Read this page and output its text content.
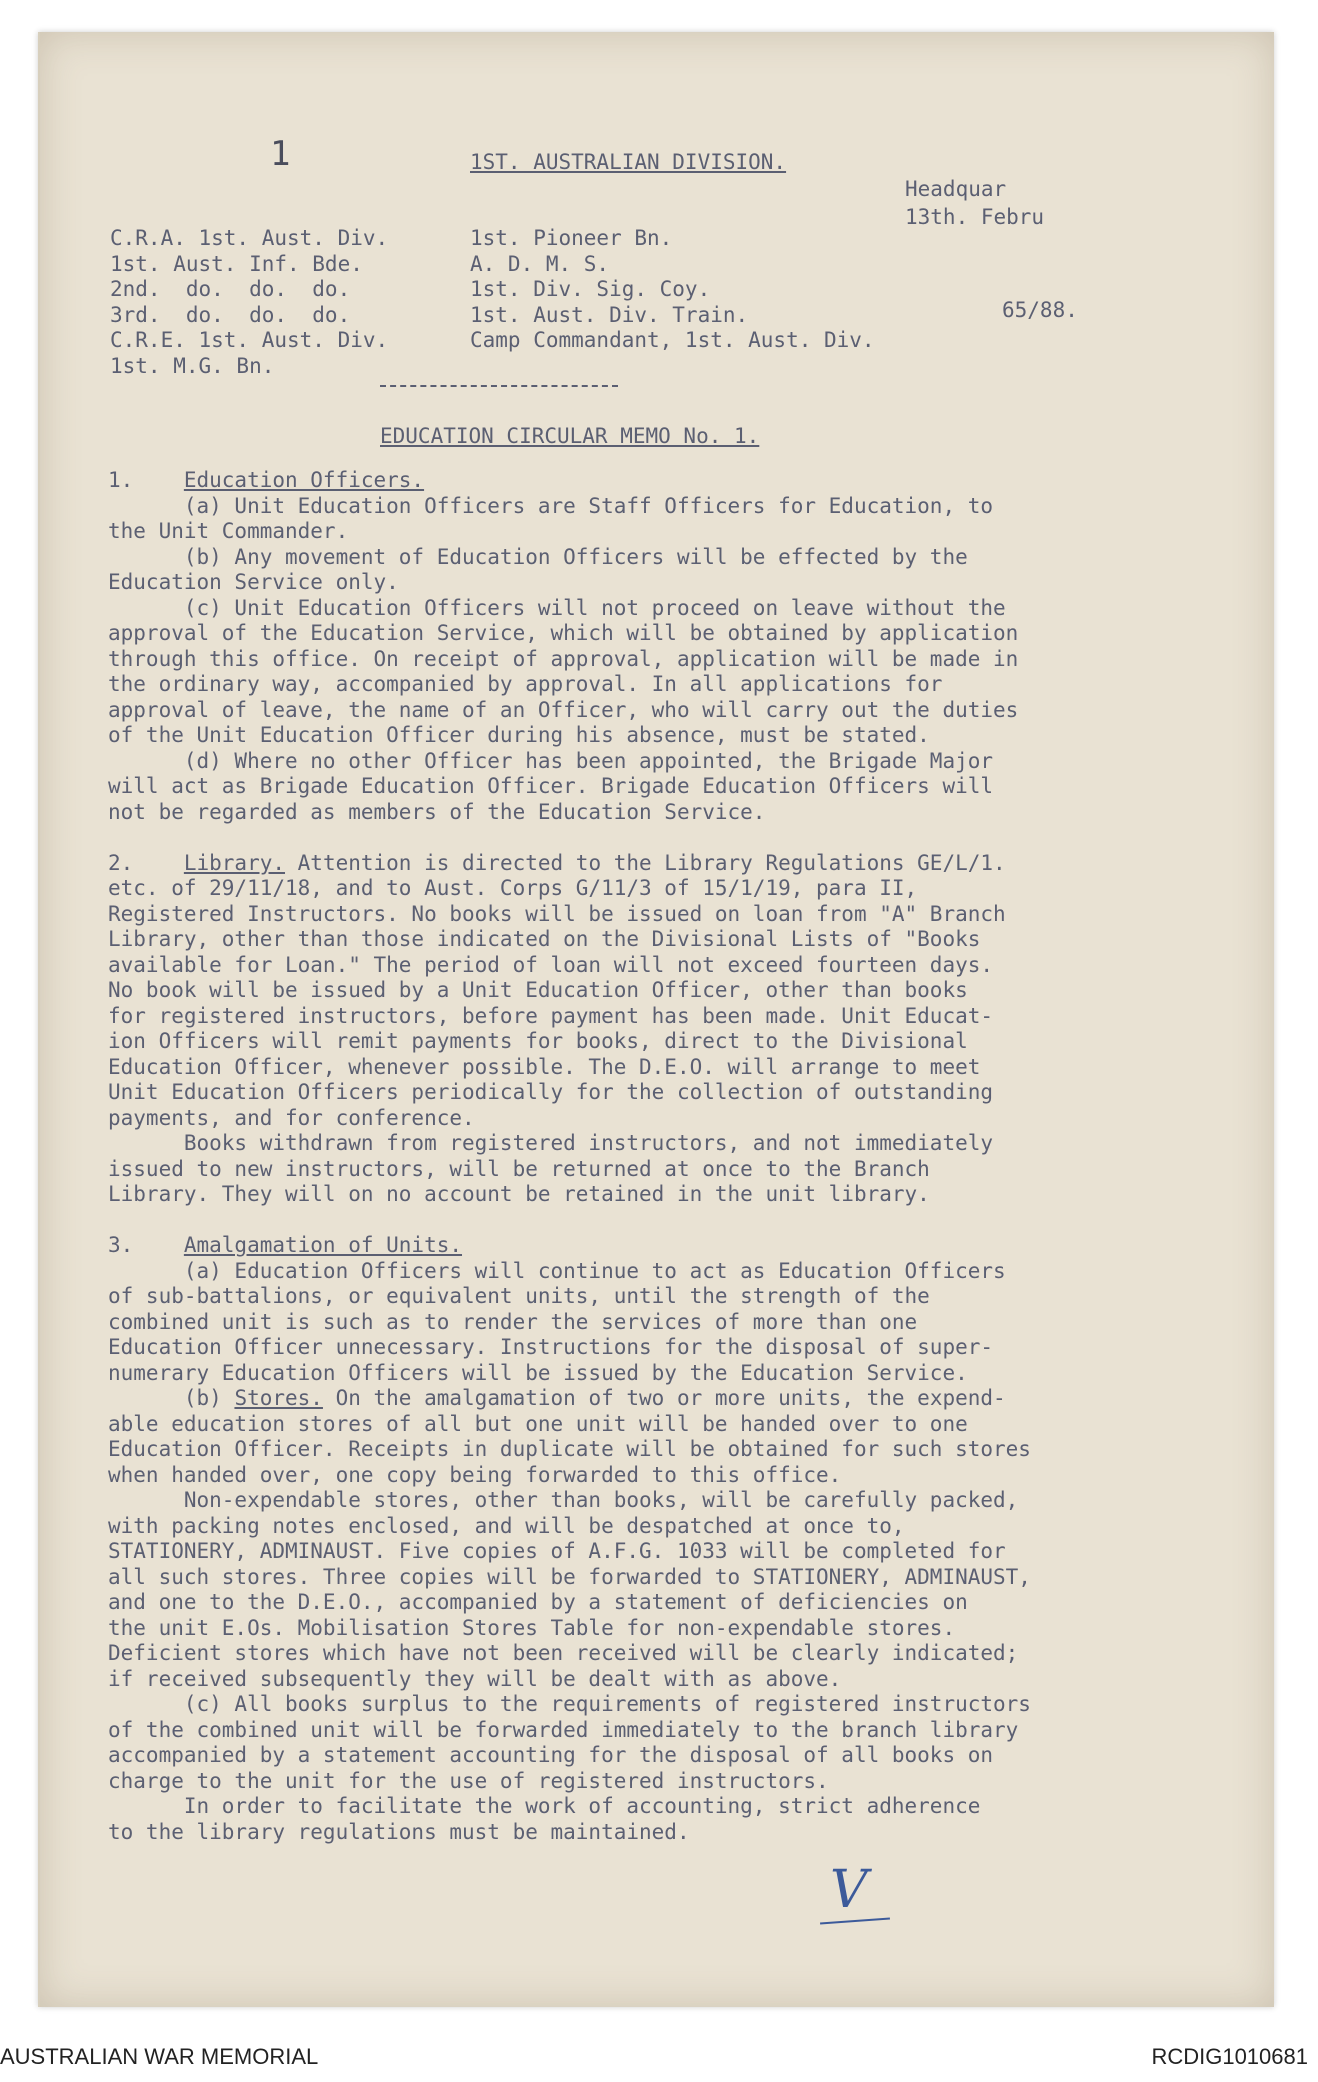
1	1ST. AUSTRALIAN DIVISION.
Headquar
13th. Febru
C.R.A. 1st. Aust. Div.
1st. Aust. Inf. Bde.
2nd.  do.  do.  do.
3rd.  do.  do.  do.
C.R.E. 1st. Aust. Div.
1st. M.G. Bn.
1st. Pioneer Bn.
A. D. M. S.
1st. Div. Sig. Coy.
1st. Aust. Div. Train.
Camp Commandant, 1st. Aust. Div.
65/88.
EDUCATION CIRCULAR MEMO No. 1.
1.    Education Officers.
(a) Unit Education Officers are Staff Officers for Education, to
the Unit Commander.
(b) Any movement of Education Officers will be effected by the
Education Service only.
(c) Unit Education Officers will not proceed on leave without the
approval of the Education Service, which will be obtained by application
through this office. On receipt of approval, application will be made in
the ordinary way, accompanied by approval. In all applications for
approval of leave, the name of an Officer, who will carry out the duties
of the Unit Education Officer during his absence, must be stated.
(d) Where no other Officer has been appointed, the Brigade Major
will act as Brigade Education Officer. Brigade Education Officers will
not be regarded as members of the Education Service.

2.    Library. Attention is directed to the Library Regulations GE/L/1.
etc. of 29/11/18, and to Aust. Corps G/11/3 of 15/1/19, para II,
Registered Instructors. No books will be issued on loan from "A" Branch
Library, other than those indicated on the Divisional Lists of "Books
available for Loan." The period of loan will not exceed fourteen days.
No book will be issued by a Unit Education Officer, other than books
for registered instructors, before payment has been made. Unit Educat-
ion Officers will remit payments for books, direct to the Divisional
Education Officer, whenever possible. The D.E.O. will arrange to meet
Unit Education Officers periodically for the collection of outstanding
payments, and for conference.
Books withdrawn from registered instructors, and not immediately
issued to new instructors, will be returned at once to the Branch
Library. They will on no account be retained in the unit library.

3.    Amalgamation of Units.
(a) Education Officers will continue to act as Education Officers
of sub-battalions, or equivalent units, until the strength of the
combined unit is such as to render the services of more than one
Education Officer unnecessary. Instructions for the disposal of super-
numerary Education Officers will be issued by the Education Service.
(b) Stores. On the amalgamation of two or more units, the expend-
able education stores of all but one unit will be handed over to one
Education Officer. Receipts in duplicate will be obtained for such stores
when handed over, one copy being forwarded to this office.
Non-expendable stores, other than books, will be carefully packed,
with packing notes enclosed, and will be despatched at once to,
STATIONERY, ADMINAUST. Five copies of A.F.G. 1033 will be completed for
all such stores. Three copies will be forwarded to STATIONERY, ADMINAUST,
and one to the D.E.O., accompanied by a statement of deficiencies on
the unit E.Os. Mobilisation Stores Table for non-expendable stores.
Deficient stores which have not been received will be clearly indicated;
if received subsequently they will be dealt with as above.
(c) All books surplus to the requirements of registered instructors
of the combined unit will be forwarded immediately to the branch library
accompanied by a statement accounting for the disposal of all books on
charge to the unit for the use of registered instructors.
In order to facilitate the work of accounting, strict adherence
to the library regulations must be maintained.
V
AUSTRALIAN WAR MEMORIAL	RCDIG1010681
